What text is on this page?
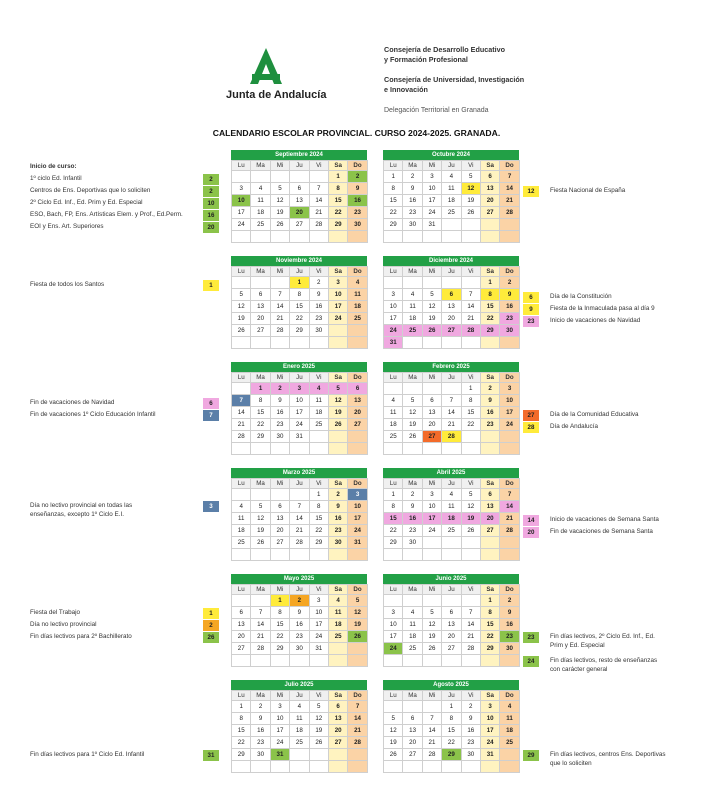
Junta de Andalucía
Consejería de Desarrollo Educativo
y Formación Profesional
Consejería de Universidad, Investigación
e Innovación
Delegación Territorial en Granada
CALENDARIO ESCOLAR PROVINCIAL. CURSO 2024-2025. GRANADA.
Septiembre 2024
Lu	Ma	Mi	Ju	Vi	Sa	Do
					1	2
3	4	5	6	7	8	9
10	11	12	13	14	15	16
17	18	19	20	21	22	23
24	25	26	27	28	29	30

Octubre 2024
Lu	Ma	Mi	Ju	Vi	Sa	Do
1	2	3	4	5	6	7
8	9	10	11	12	13	14
15	16	17	18	19	20	21
22	23	24	25	26	27	28
29	30	31				

Noviembre 2024
Lu	Ma	Mi	Ju	Vi	Sa	Do
			1	2	3	4
5	6	7	8	9	10	11
12	13	14	15	16	17	18
19	20	21	22	23	24	25
26	27	28	29	30		

Diciembre 2024
Lu	Ma	Mi	Ju	Vi	Sa	Do
					1	2
3	4	5	6	7	8	9
10	11	12	13	14	15	16
17	18	19	20	21	22	23
24	25	26	27	28	29	30
31						
Enero 2025
Lu	Ma	Mi	Ju	Vi	Sa	Do
	1	2	3	4	5	6
7	8	9	10	11	12	13
14	15	16	17	18	19	20
21	22	23	24	25	26	27
28	29	30	31			

Febrero 2025
Lu	Ma	Mi	Ju	Vi	Sa	Do
				1	2	3
4	5	6	7	8	9	10
11	12	13	14	15	16	17
18	19	20	21	22	23	24
25	26	27	28			

Marzo 2025
Lu	Ma	Mi	Ju	Vi	Sa	Do
				1	2	3
4	5	6	7	8	9	10
11	12	13	14	15	16	17
18	19	20	21	22	23	24
25	26	27	28	29	30	31

Abril 2025
Lu	Ma	Mi	Ju	Vi	Sa	Do
1	2	3	4	5	6	7
8	9	10	11	12	13	14
15	16	17	18	19	20	21
22	23	24	25	26	27	28
29	30					

Mayo 2025
Lu	Ma	Mi	Ju	Vi	Sa	Do
		1	2	3	4	5
6	7	8	9	10	11	12
13	14	15	16	17	18	19
20	21	22	23	24	25	26
27	28	29	30	31		

Junio 2025
Lu	Ma	Mi	Ju	Vi	Sa	Do
					1	2
3	4	5	6	7	8	9
10	11	12	13	14	15	16
17	18	19	20	21	22	23
24	25	26	27	28	29	30

Julio 2025
Lu	Ma	Mi	Ju	Vi	Sa	Do
1	2	3	4	5	6	7
8	9	10	11	12	13	14
15	16	17	18	19	20	21
22	23	24	25	26	27	28
29	30	31				

Agosto 2025
Lu	Ma	Mi	Ju	Vi	Sa	Do
			1	2	3	4
5	6	7	8	9	10	11
12	13	14	15	16	17	18
19	20	21	22	23	24	25
26	27	28	29	30	31	

Inicio de curso:
1º ciclo Ed. Infantil	2
Centros de Ens. Deportivas que lo soliciten	2
2º Ciclo Ed. Inf., Ed. Prim y Ed. Especial	10
ESO, Bach, FP, Ens. Artísticas Elem. y Prof., Ed.Perm.	16
EOI y Ens. Art. Superiores	20
Fiesta de todos los Santos	1
Fin de vacaciones de Navidad	6
Fin de vacaciones 1º Ciclo Educación Infantil	7
Día no lectivo provincial en todas las	3
enseñanzas, excepto 1º Ciclo E.I.
Fiesta del Trabajo	1
Día no lectivo provincial	2
Fin días lectivos para 2º Bachillerato	26
Fin días lectivos para 1º Ciclo Ed. Infantil	31
Fiesta Nacional de España
12
Día de la Constitución
6
Fiesta de la Inmaculada pasa al día 9
9
Inicio de vacaciones de Navidad
23
Día de la Comunidad Educativa
27
Día de Andalucía
28
Inicio de vacaciones de Semana Santa
14
Fin de vacaciones de Semana Santa
20
Fin días lectivos, 2º Ciclo Ed. Inf., Ed.
23
Prim y Ed. Especial
Fin días lectivos, resto de enseñanzas
24
con carácter general
Fin días lectivos, centros Ens. Deportivas
29
que lo soliciten
